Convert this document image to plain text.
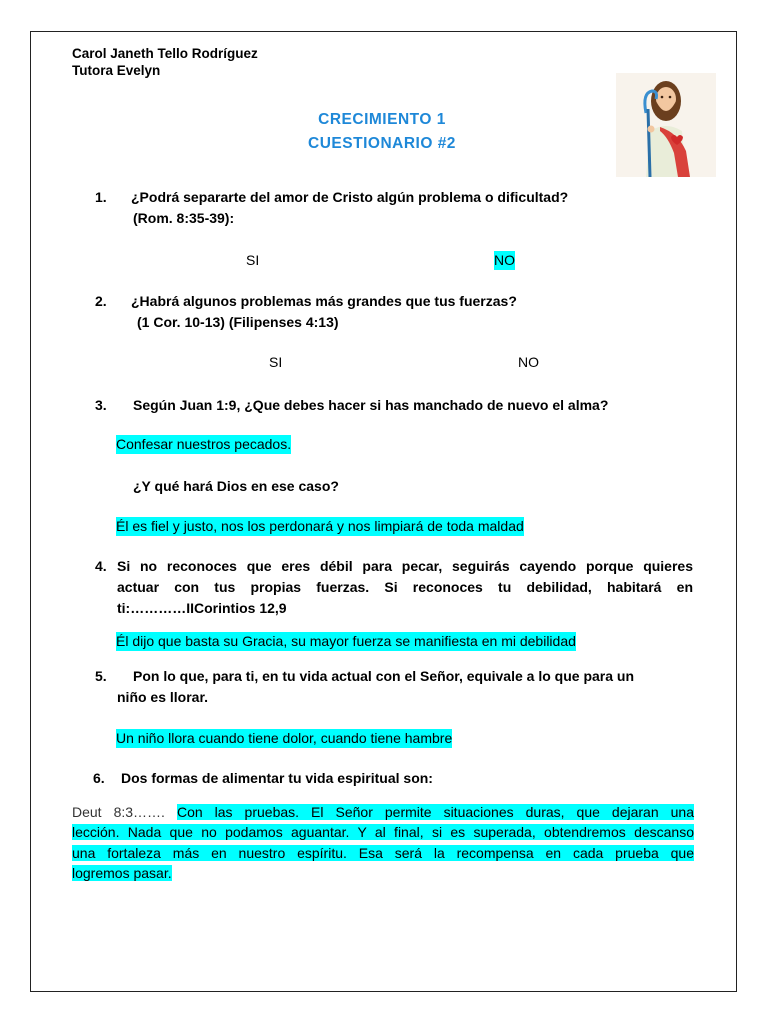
Carol Janeth Tello Rodríguez
Tutora Evelyn
CRECIMIENTO 1
CUESTIONARIO #2
1. ¿Podrá separarte del amor de Cristo algún problema o dificultad?
(Rom. 8:35-39):
SI	NO
2. ¿Habrá algunos problemas más grandes que tus fuerzas?
(1 Cor. 10-13) (Filipenses 4:13)
SI	NO
3. Según Juan 1:9, ¿Que debes hacer si has manchado de nuevo el alma?
Confesar nuestros pecados.
¿Y qué hará Dios en ese caso?
Él es fiel y justo, nos los perdonará y nos limpiará de toda maldad
4. Si no reconoces que eres débil para pecar, seguirás cayendo porque quieres
actuar con tus propias fuerzas. Si reconoces tu debilidad, habitará en
ti:…………IICorintios 12,9
Él dijo que basta su Gracia, su mayor fuerza se manifiesta en mi debilidad
5. Pon lo que, para ti, en tu vida actual con el Señor, equivale a lo que para un
niño es llorar.
Un niño llora cuando tiene dolor, cuando tiene hambre
6. Dos formas de alimentar tu vida espiritual son:
Deut 8:3……. Con las pruebas. El Señor permite situaciones duras, que dejaran una
lección. Nada que no podamos aguantar. Y al final, si es superada, obtendremos descanso
una fortaleza más en nuestro espíritu. Esa será la recompensa en cada prueba que
logremos pasar.
